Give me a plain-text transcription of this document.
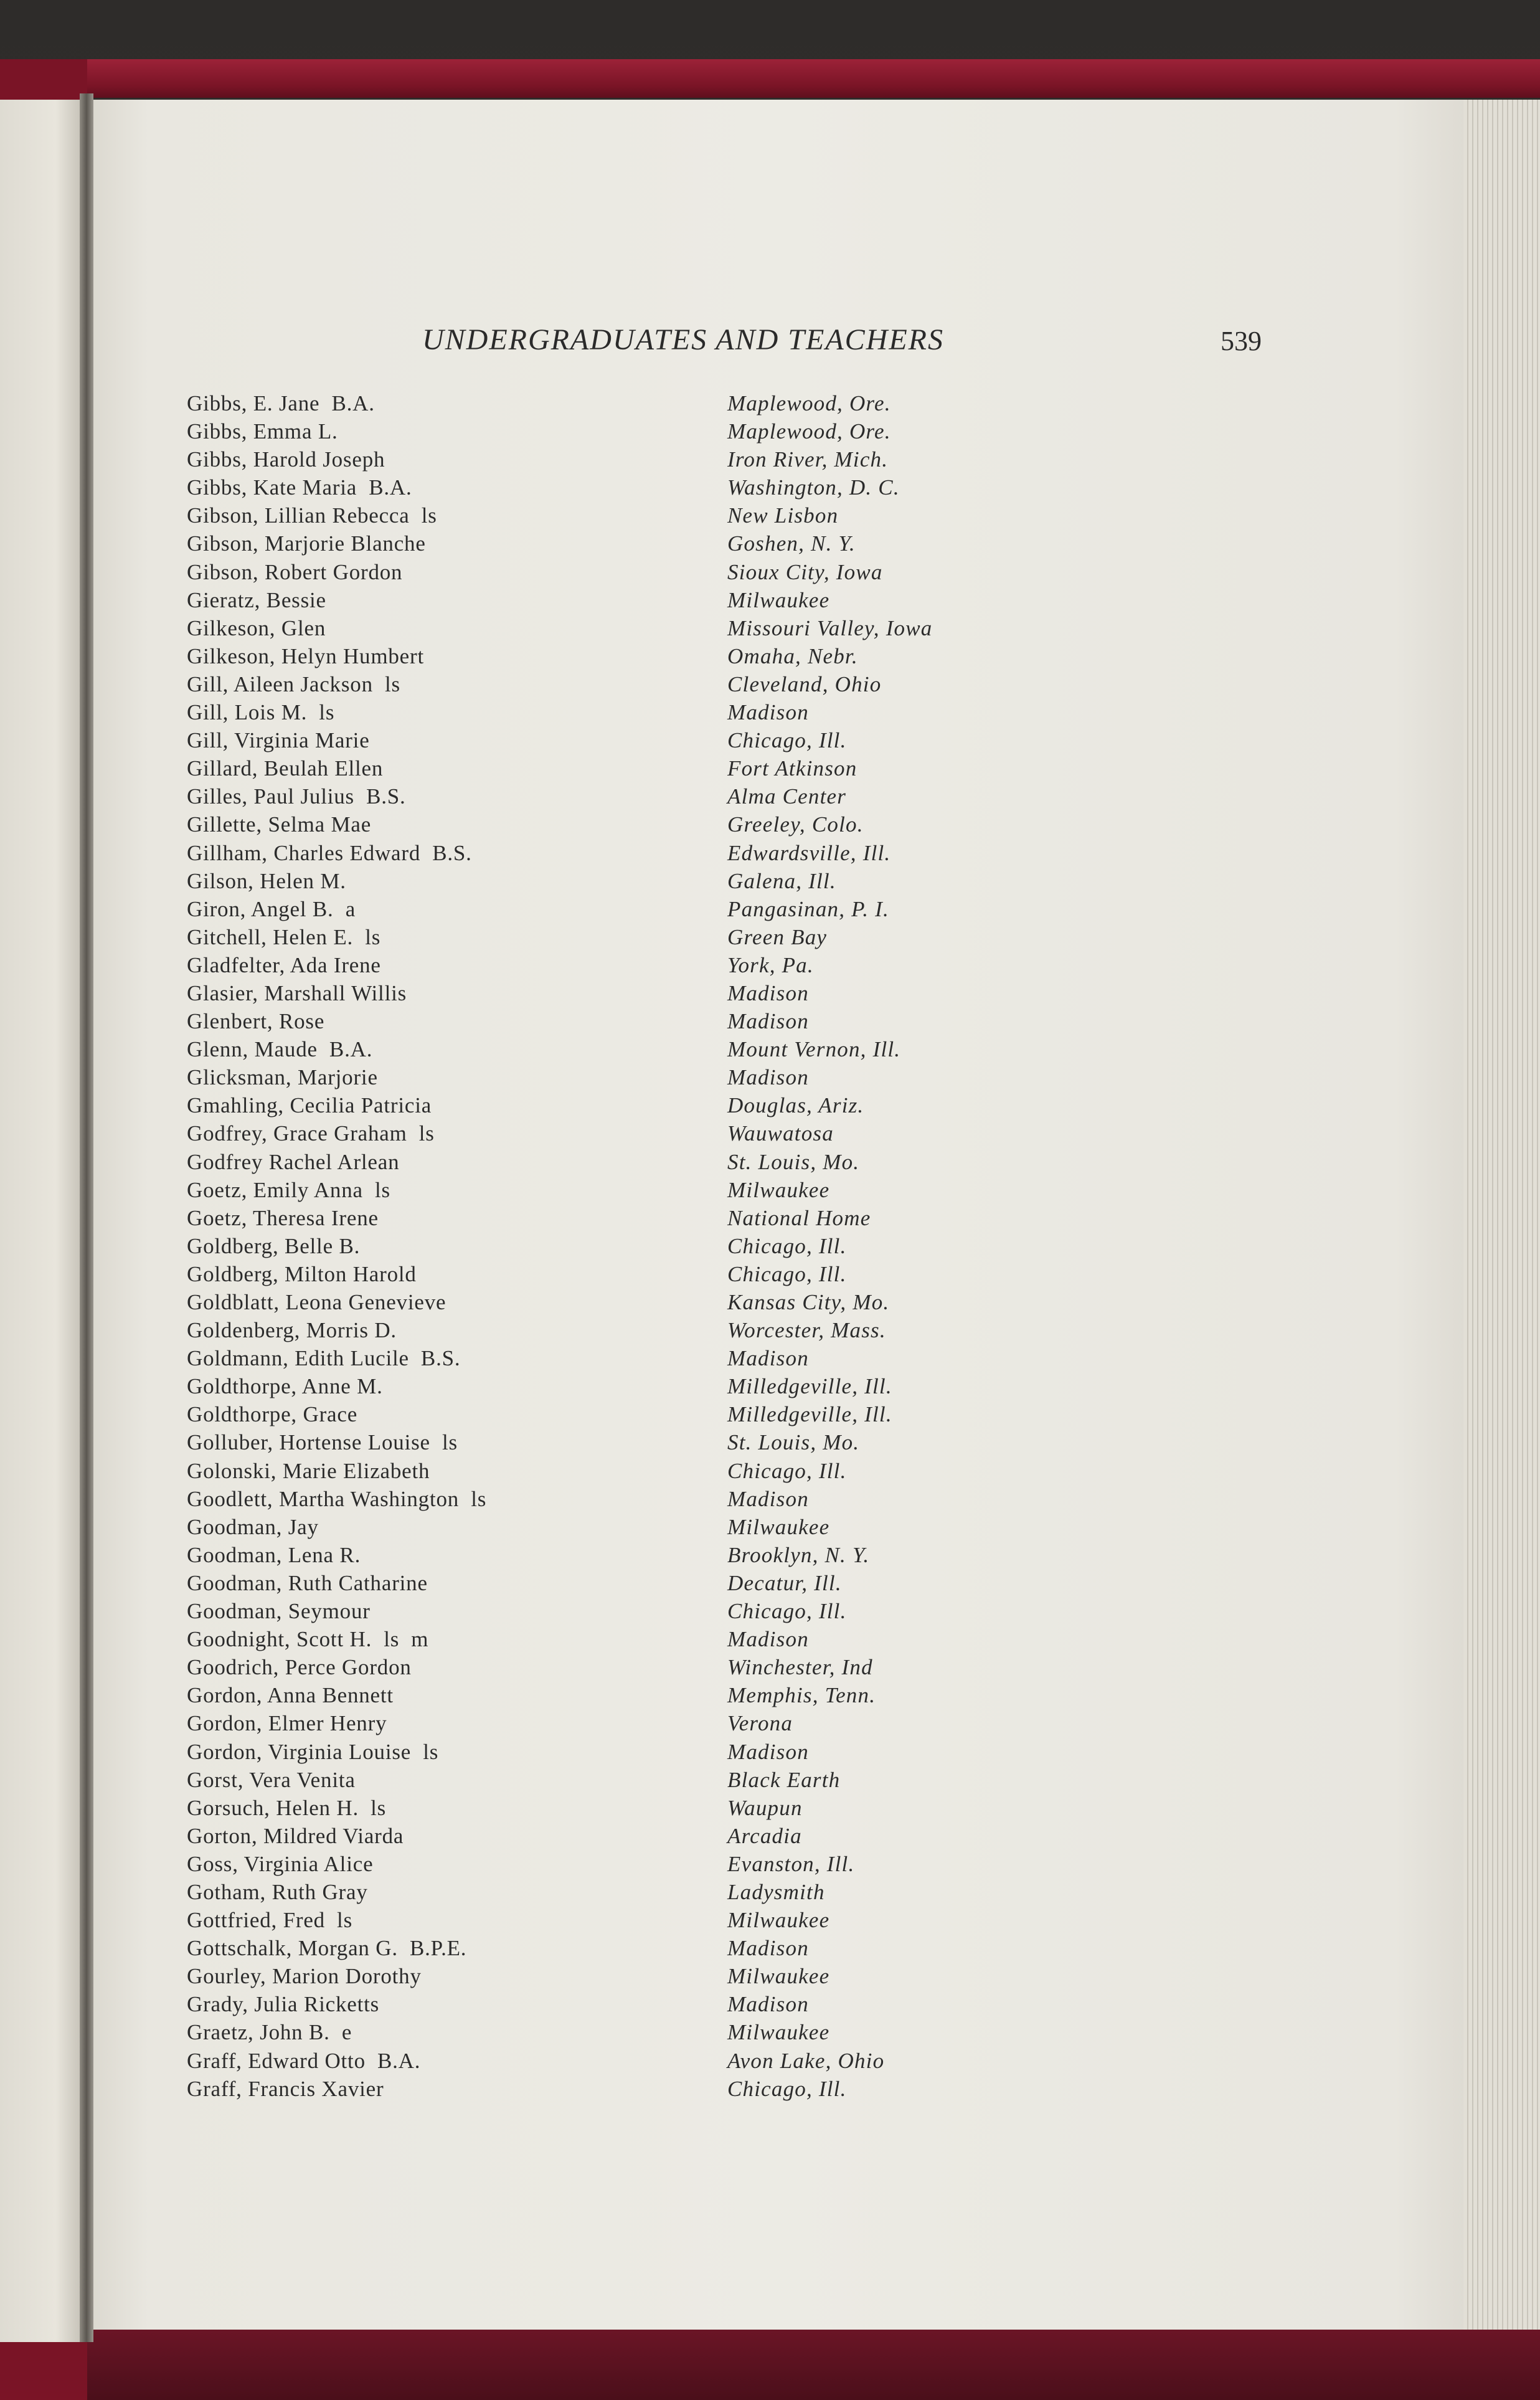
UNDERGRADUATES AND TEACHERS	539
Gibbs, E. Jane  B.A.	Maplewood, Ore.
Gibbs, Emma L.	Maplewood, Ore.
Gibbs, Harold Joseph	Iron River, Mich.
Gibbs, Kate Maria  B.A.	Washington, D. C.
Gibson, Lillian Rebecca  ls	New Lisbon
Gibson, Marjorie Blanche	Goshen, N. Y.
Gibson, Robert Gordon	Sioux City, Iowa
Gieratz, Bessie	Milwaukee
Gilkeson, Glen	Missouri Valley, Iowa
Gilkeson, Helyn Humbert	Omaha, Nebr.
Gill, Aileen Jackson  ls	Cleveland, Ohio
Gill, Lois M.  ls	Madison
Gill, Virginia Marie	Chicago, Ill.
Gillard, Beulah Ellen	Fort Atkinson
Gilles, Paul Julius  B.S.	Alma Center
Gillette, Selma Mae	Greeley, Colo.
Gillham, Charles Edward  B.S.	Edwardsville, Ill.
Gilson, Helen M.	Galena, Ill.
Giron, Angel B.  a	Pangasinan, P. I.
Gitchell, Helen E.  ls	Green Bay
Gladfelter, Ada Irene	York, Pa.
Glasier, Marshall Willis	Madison
Glenbert, Rose	Madison
Glenn, Maude  B.A.	Mount Vernon, Ill.
Glicksman, Marjorie	Madison
Gmahling, Cecilia Patricia	Douglas, Ariz.
Godfrey, Grace Graham  ls	Wauwatosa
Godfrey Rachel Arlean	St. Louis, Mo.
Goetz, Emily Anna  ls	Milwaukee
Goetz, Theresa Irene	National Home
Goldberg, Belle B.	Chicago, Ill.
Goldberg, Milton Harold	Chicago, Ill.
Goldblatt, Leona Genevieve	Kansas City, Mo.
Goldenberg, Morris D.	Worcester, Mass.
Goldmann, Edith Lucile  B.S.	Madison
Goldthorpe, Anne M.	Milledgeville, Ill.
Goldthorpe, Grace	Milledgeville, Ill.
Golluber, Hortense Louise  ls	St. Louis, Mo.
Golonski, Marie Elizabeth	Chicago, Ill.
Goodlett, Martha Washington  ls	Madison
Goodman, Jay	Milwaukee
Goodman, Lena R.	Brooklyn, N. Y.
Goodman, Ruth Catharine	Decatur, Ill.
Goodman, Seymour	Chicago, Ill.
Goodnight, Scott H.  ls  m	Madison
Goodrich, Perce Gordon	Winchester, Ind
Gordon, Anna Bennett	Memphis, Tenn.
Gordon, Elmer Henry	Verona
Gordon, Virginia Louise  ls	Madison
Gorst, Vera Venita	Black Earth
Gorsuch, Helen H.  ls	Waupun
Gorton, Mildred Viarda	Arcadia
Goss, Virginia Alice	Evanston, Ill.
Gotham, Ruth Gray	Ladysmith
Gottfried, Fred  ls	Milwaukee
Gottschalk, Morgan G.  B.P.E.	Madison
Gourley, Marion Dorothy	Milwaukee
Grady, Julia Ricketts	Madison
Graetz, John B.  e	Milwaukee
Graff, Edward Otto  B.A.	Avon Lake, Ohio
Graff, Francis Xavier	Chicago, Ill.
